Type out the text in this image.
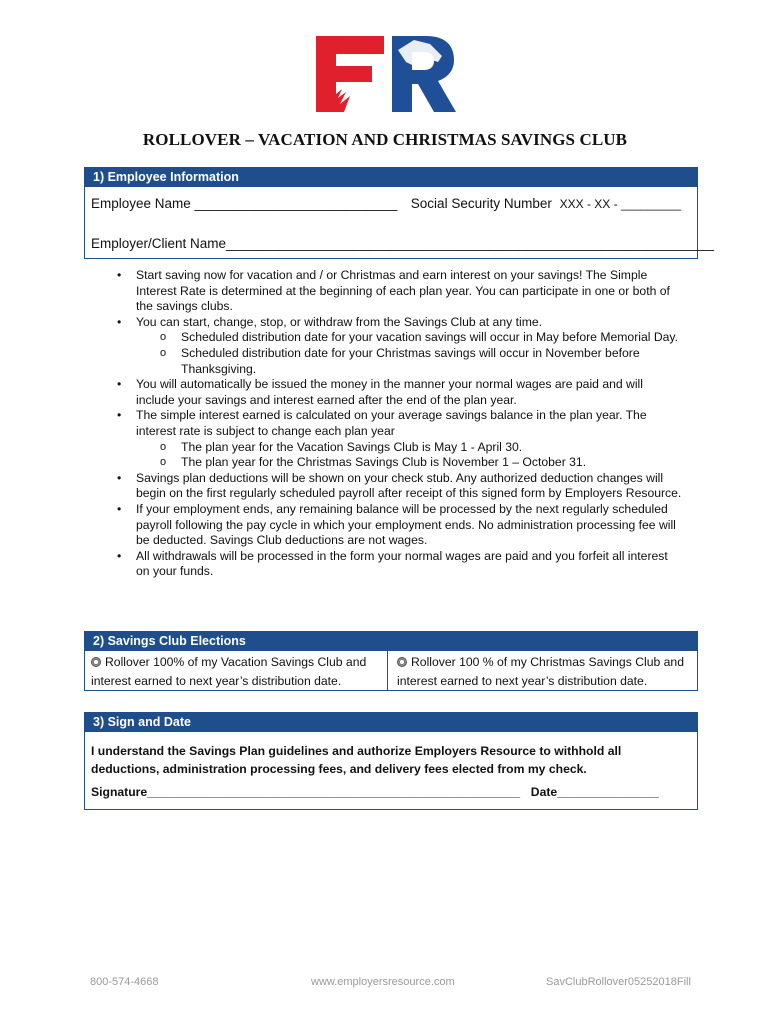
ROLLOVER – VACATION AND CHRISTMAS SAVINGS CLUB
1) Employee Information
Employee Name ___________________________ Social Security Number XXX - XX - _________
Employer/Client Name_________________________________________________________________
• Start saving now for vacation and / or Christmas and earn interest on your savings! The Simple Interest Rate is determined at the beginning of each plan year. You can participate in one or both of the savings clubs.
• You can start, change, stop, or withdraw from the Savings Club at any time.
o Scheduled distribution date for your vacation savings will occur in May before Memorial Day.
o Scheduled distribution date for your Christmas savings will occur in November before Thanksgiving.
• You will automatically be issued the money in the manner your normal wages are paid and will include your savings and interest earned after the end of the plan year.
• The simple interest earned is calculated on your average savings balance in the plan year. The interest rate is subject to change each plan year
o The plan year for the Vacation Savings Club is May 1 - April 30.
o The plan year for the Christmas Savings Club is November 1 – October 31.
• Savings plan deductions will be shown on your check stub. Any authorized deduction changes will begin on the first regularly scheduled payroll after receipt of this signed form by Employers Resource.
• If your employment ends, any remaining balance will be processed by the next regularly scheduled payroll following the pay cycle in which your employment ends. No administration processing fee will be deducted. Savings Club deductions are not wages.
• All withdrawals will be processed in the form your normal wages are paid and you forfeit all interest on your funds.
2) Savings Club Elections
Rollover 100% of my Vacation Savings Club and interest earned to next year’s distribution date.
Rollover 100 % of my Christmas Savings Club and interest earned to next year’s distribution date.
3) Sign and Date
I understand the Savings Plan guidelines and authorize Employers Resource to withhold all deductions, administration processing fees, and delivery fees elected from my check.
Signature_______________________________________________________ Date_______________
800-574-4668	www.employersresource.com	SavClubRollover05252018Fill
